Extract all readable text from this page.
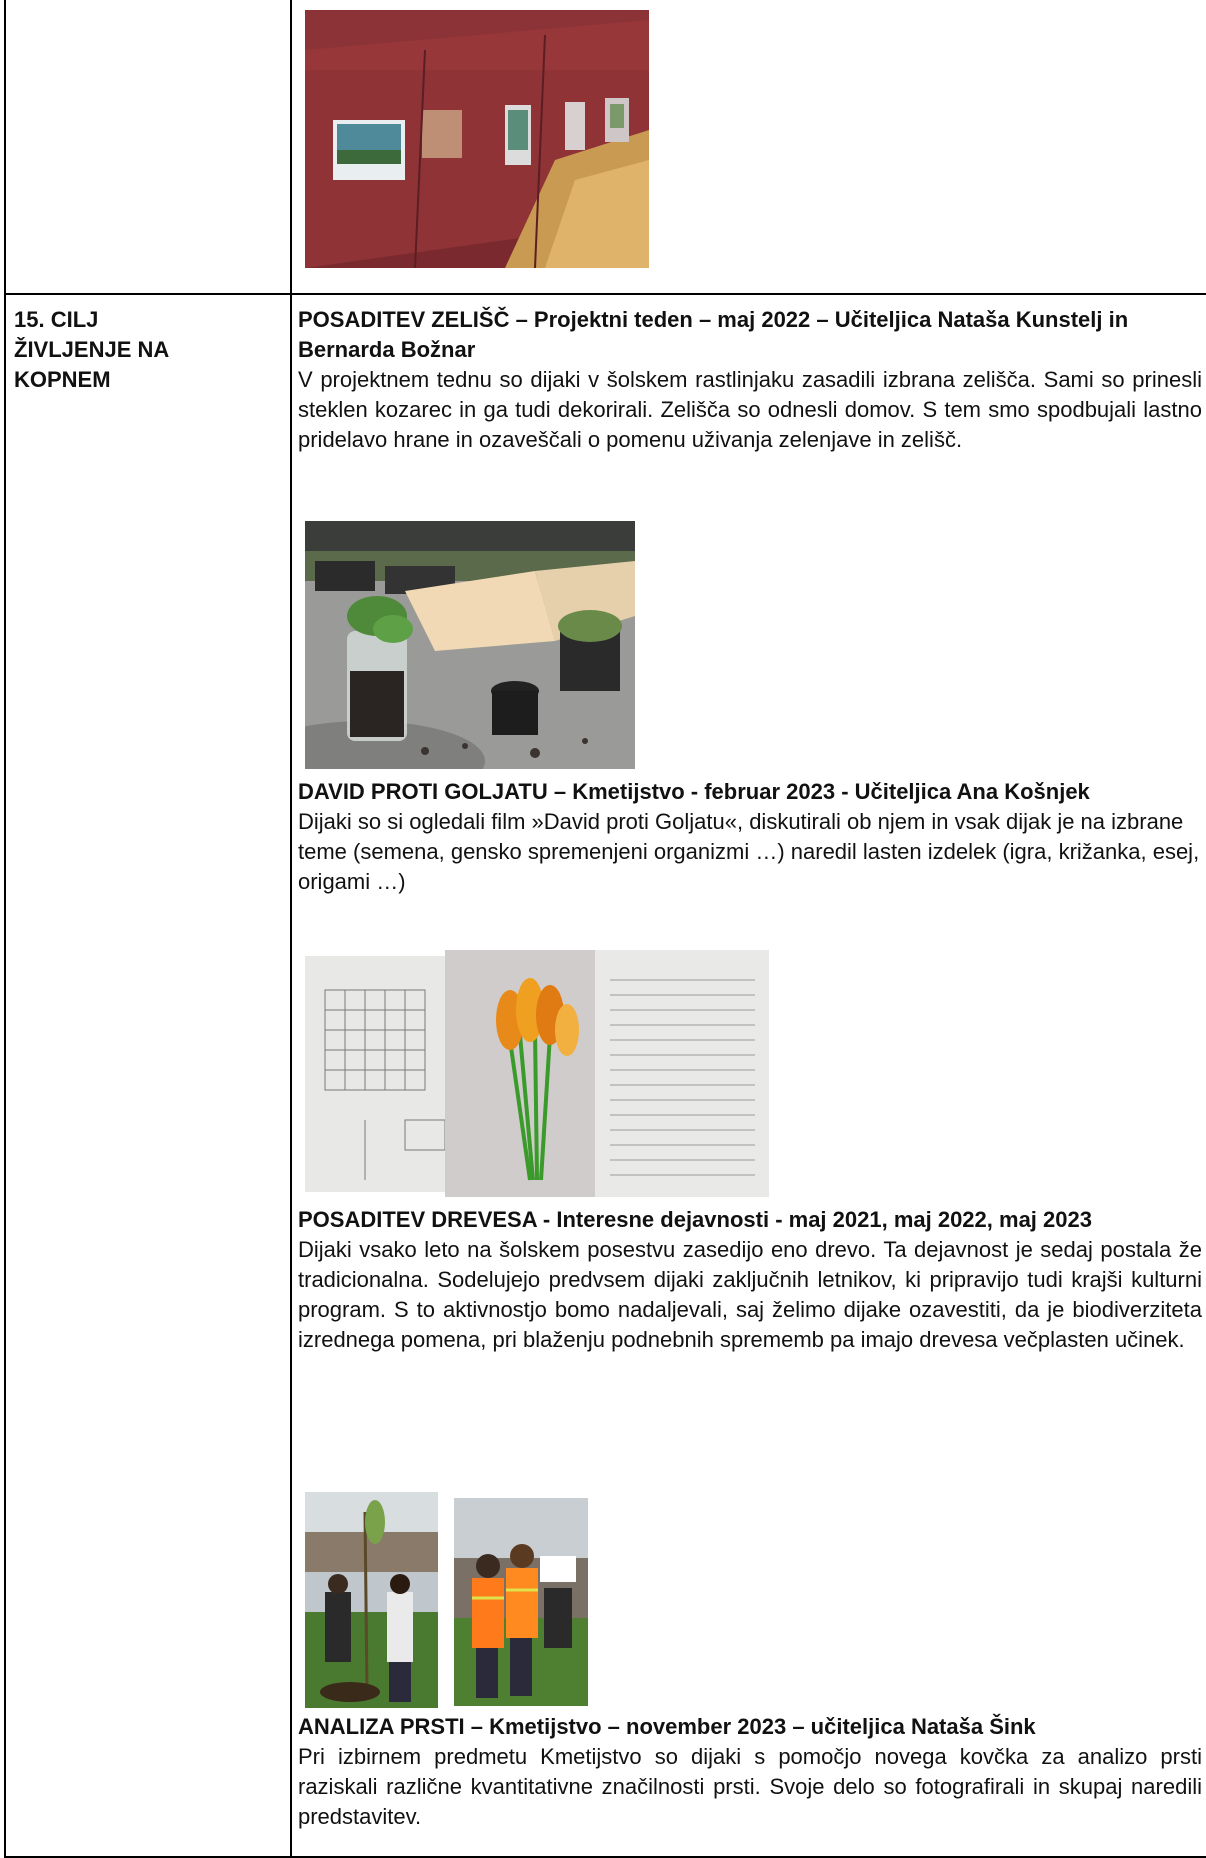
15. CILJ
ŽIVLJENJE NA
KOPNEM

POSADITEV ZELIŠČ – Projektni teden – maj 2022 – Učiteljica Nataša Kunstelj in Bernarda Božnar

V projektnem tednu so dijaki v šolskem rastlinjaku zasadili izbrana zelišča. Sami so prinesli steklen kozarec in ga tudi dekorirali. Zelišča so odnesli domov. S tem smo spodbujali lastno pridelavo hrane in ozaveščali o pomenu uživanja zelenjave in zelišč.

DAVID PROTI GOLJATU – Kmetijstvo - februar 2023 - Učiteljica Ana Košnjek

Dijaki so si ogledali film »David proti Goljatu«, diskutirali ob njem in vsak dijak je na izbrane teme (semena, gensko spremenjeni organizmi …) naredil lasten izdelek (igra, križanka, esej, origami …)

POSADITEV DREVESA - Interesne dejavnosti - maj 2021, maj 2022, maj 2023

Dijaki vsako leto na šolskem posestvu zasedijo eno drevo. Ta dejavnost je sedaj postala že tradicionalna. Sodelujejo predvsem dijaki zaključnih letnikov, ki pripravijo tudi krajši kulturni program. S to aktivnostjo bomo nadaljevali, saj želimo dijake ozavestiti, da je biodiverziteta izrednega pomena, pri blaženju podnebnih sprememb pa imajo drevesa večplasten učinek.

ANALIZA PRSTI – Kmetijstvo – november 2023 – učiteljica Nataša Šink

Pri izbirnem predmetu Kmetijstvo so dijaki s pomočjo novega kovčka za analizo prsti raziskali različne kvantitativne značilnosti prsti. Svoje delo so fotografirali in skupaj naredili predstavitev.
